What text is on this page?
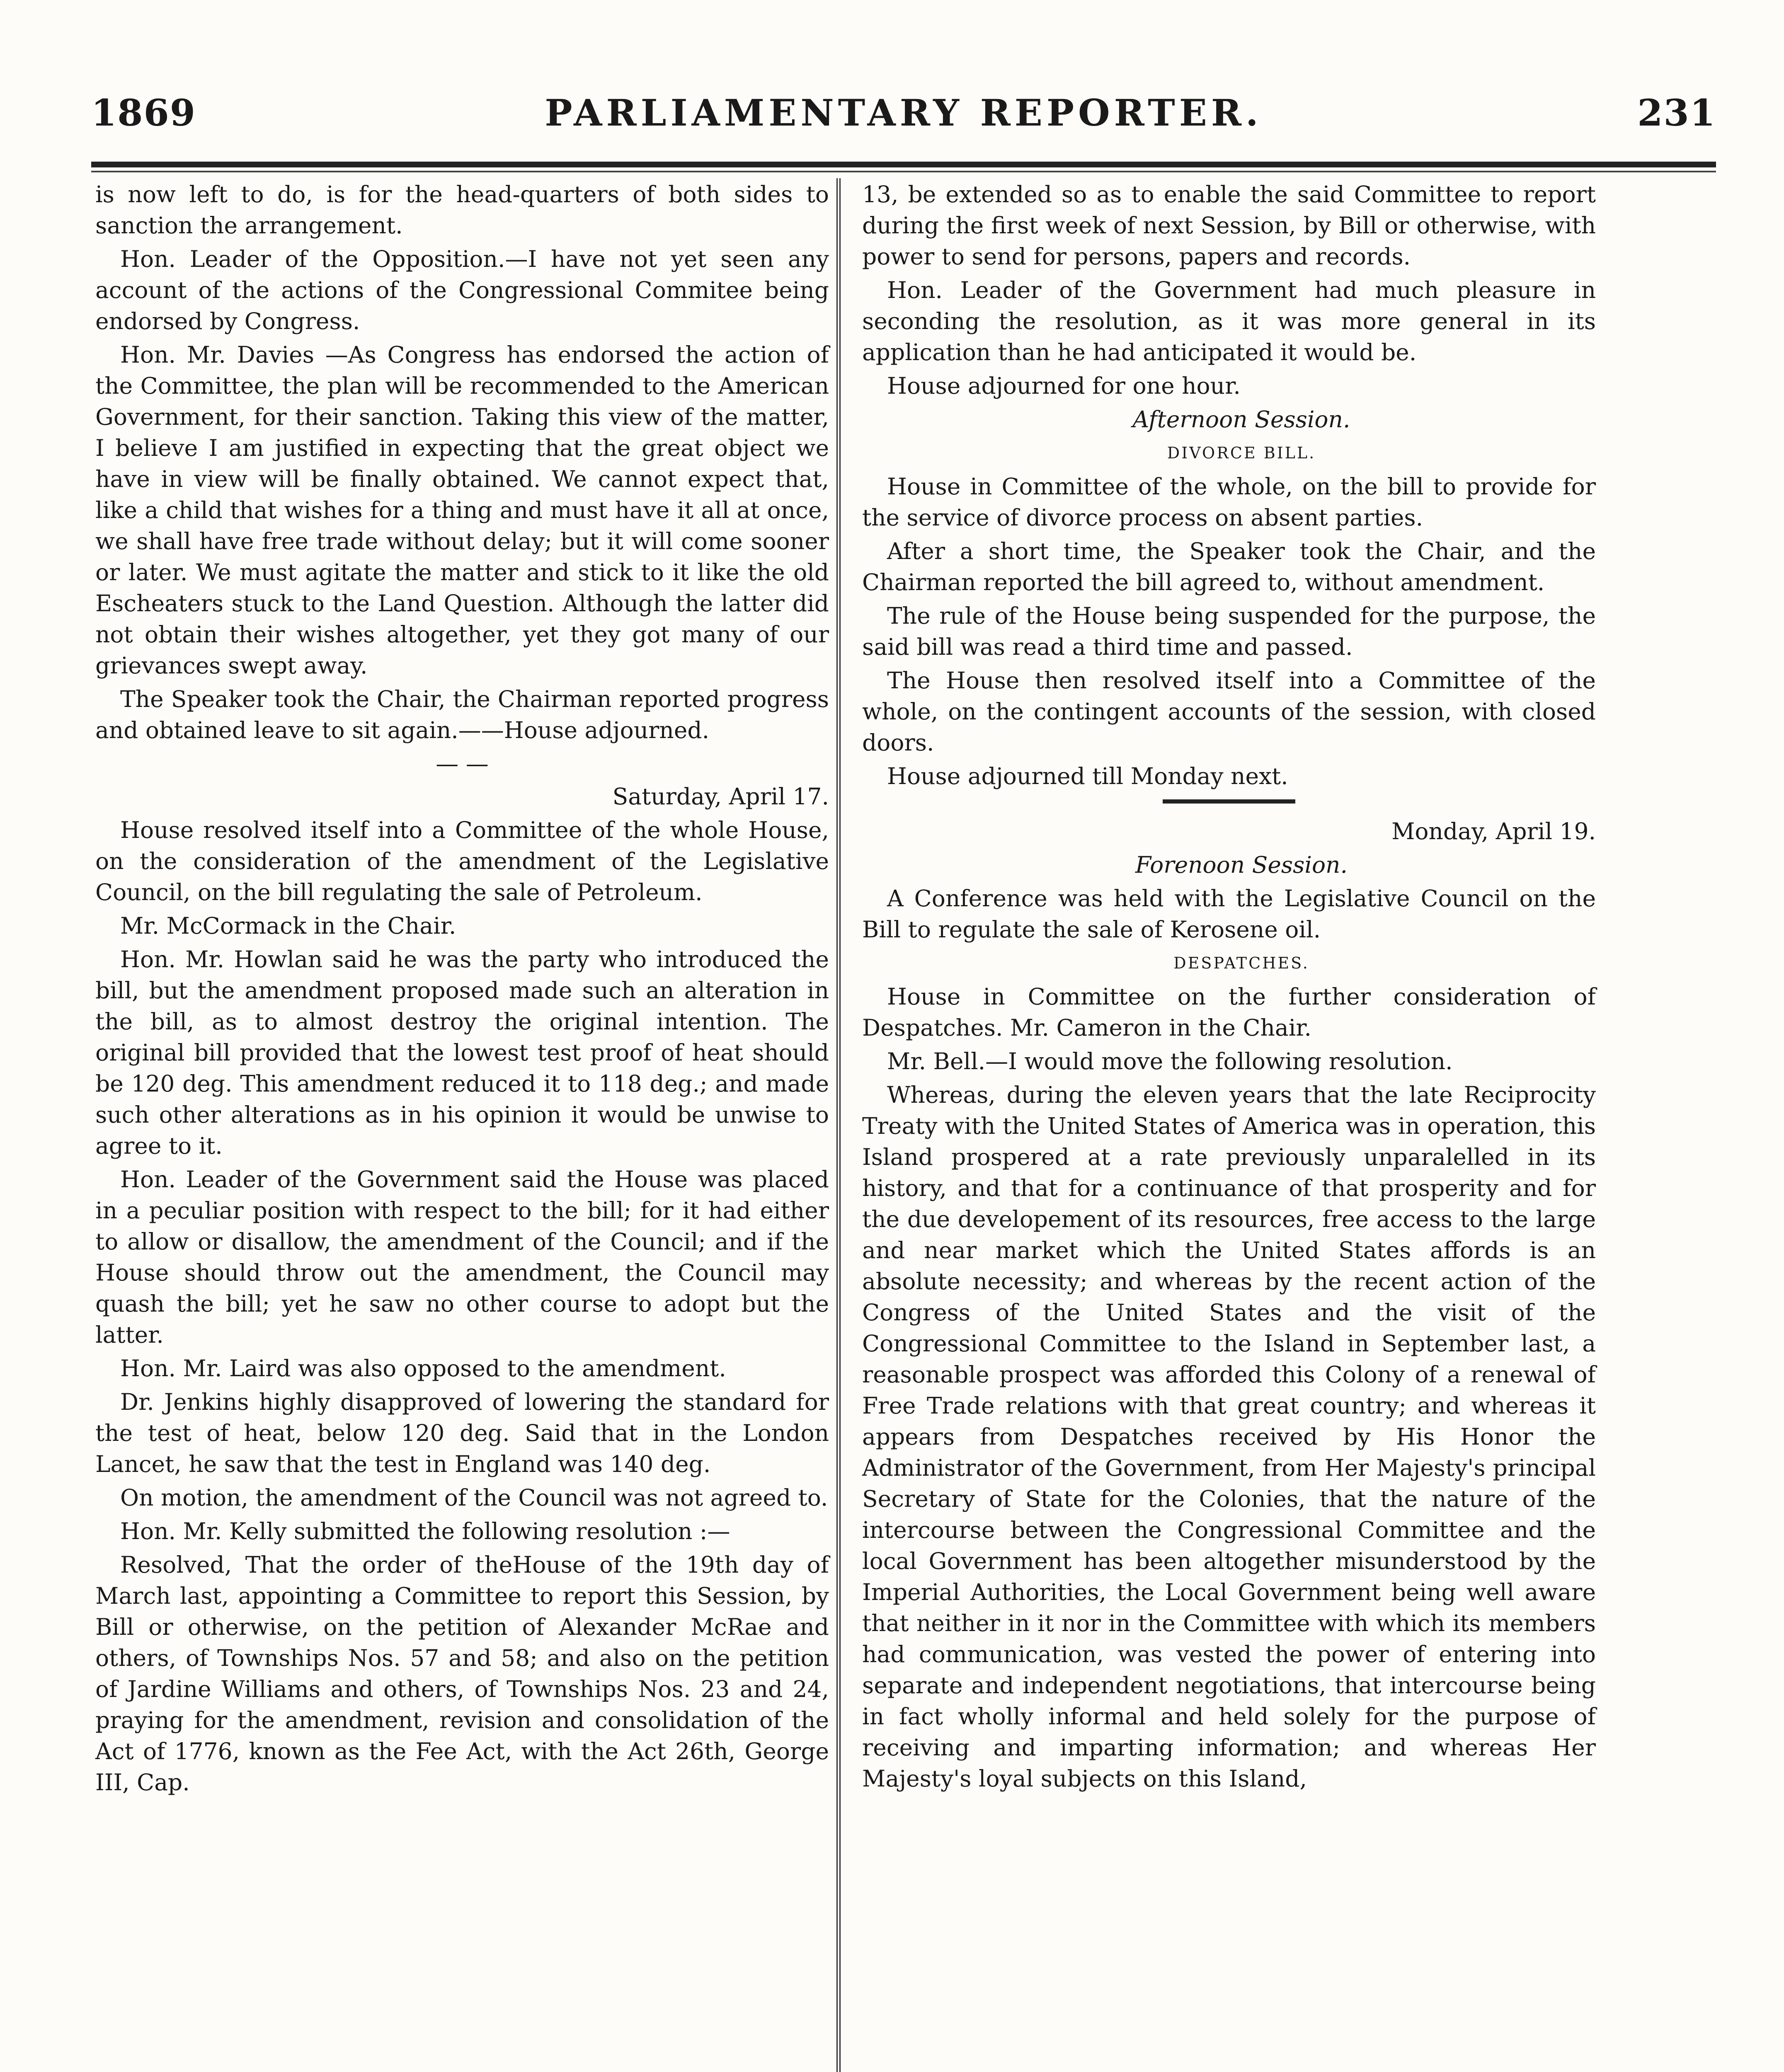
1869	PARLIAMENTARY REPORTER.	231

is now left to do, is for the head-quarters of both sides to sanction the arrangement.

Hon. Leader of the Opposition.—I have not yet seen any account of the actions of the Congressional Commitee being endorsed by Congress.

Hon. Mr. Davies —As Congress has endorsed the action of the Committee, the plan will be recommended to the American Government, for their sanction. Taking this view of the matter, I believe I am justified in expecting that the great object we have in view will be finally obtained. We cannot expect that, like a child that wishes for a thing and must have it all at once, we shall have free trade without delay; but it will come sooner or later. We must agitate the matter and stick to it like the old Escheaters stuck to the Land Question. Although the latter did not obtain their wishes altogether, yet they got many of our grievances swept away.

The Speaker took the Chair, the Chairman reported progress and obtained leave to sit again.——House adjourned.

— —

Saturday, April 17.

House resolved itself into a Committee of the whole House, on the consideration of the amendment of the Legislative Council, on the bill regulating the sale of Petroleum.

Mr. McCormack in the Chair.

Hon. Mr. Howlan said he was the party who introduced the bill, but the amendment proposed made such an alteration in the bill, as to almost destroy the original intention. The original bill provided that the lowest test proof of heat should be 120 deg. This amendment reduced it to 118 deg.; and made such other alterations as in his opinion it would be unwise to agree to it.

Hon. Leader of the Government said the House was placed in a peculiar position with respect to the bill; for it had either to allow or disallow, the amendment of the Council; and if the House should throw out the amendment, the Council may quash the bill; yet he saw no other course to adopt but the latter.

Hon. Mr. Laird was also opposed to the amendment.

Dr. Jenkins highly disapproved of lowering the standard for the test of heat, below 120 deg. Said that in the London Lancet, he saw that the test in England was 140 deg.

On motion, the amendment of the Council was not agreed to.

Hon. Mr. Kelly submitted the following resolution :—

Resolved, That the order of theHouse of the 19th day of March last, appointing a Committee to report this Session, by Bill or otherwise, on the petition of Alexander McRae and others, of Townships Nos. 57 and 58; and also on the petition of Jardine Williams and others, of Townships Nos. 23 and 24, praying for the amendment, revision and consolidation of the Act of 1776, known as the Fee Act, with the Act 26th, George III, Cap.

13, be extended so as to enable the said Committee to report during the first week of next Session, by Bill or otherwise, with power to send for persons, papers and records.

Hon. Leader of the Government had much pleasure in seconding the resolution, as it was more general in its application than he had anticipated it would be.

House adjourned for one hour.

Afternoon Session.

DIVORCE BILL.

House in Committee of the whole, on the bill to provide for the service of divorce process on absent parties.

After a short time, the Speaker took the Chair, and the Chairman reported the bill agreed to, without amendment.

The rule of the House being suspended for the purpose, the said bill was read a third time and passed.

The House then resolved itself into a Committee of the whole, on the contingent accounts of the session, with closed doors.

House adjourned till Monday next.

Monday, April 19.

Forenoon Session.

A Conference was held with the Legislative Council on the Bill to regulate the sale of Kerosene oil.

DESPATCHES.

House in Committee on the further consideration of Despatches. Mr. Cameron in the Chair.

Mr. Bell.—I would move the following resolution.

Whereas, during the eleven years that the late Reciprocity Treaty with the United States of America was in operation, this Island prospered at a rate previously unparalelled in its history, and that for a continuance of that prosperity and for the due developement of its resources, free access to the large and near market which the United States affords is an absolute necessity; and whereas by the recent action of the Congress of the United States and the visit of the Congressional Committee to the Island in September last, a reasonable prospect was afforded this Colony of a renewal of Free Trade relations with that great country; and whereas it appears from Despatches received by His Honor the Administrator of the Government, from Her Majesty's principal Secretary of State for the Colonies, that the nature of the intercourse between the Congressional Committee and the local Government has been altogether misunderstood by the Imperial Authorities, the Local Government being well aware that neither in it nor in the Committee with which its members had communication, was vested the power of entering into separate and independent negotiations, that intercourse being in fact wholly informal and held solely for the purpose of receiving and imparting information; and whereas Her Majesty's loyal subjects on this Island,
